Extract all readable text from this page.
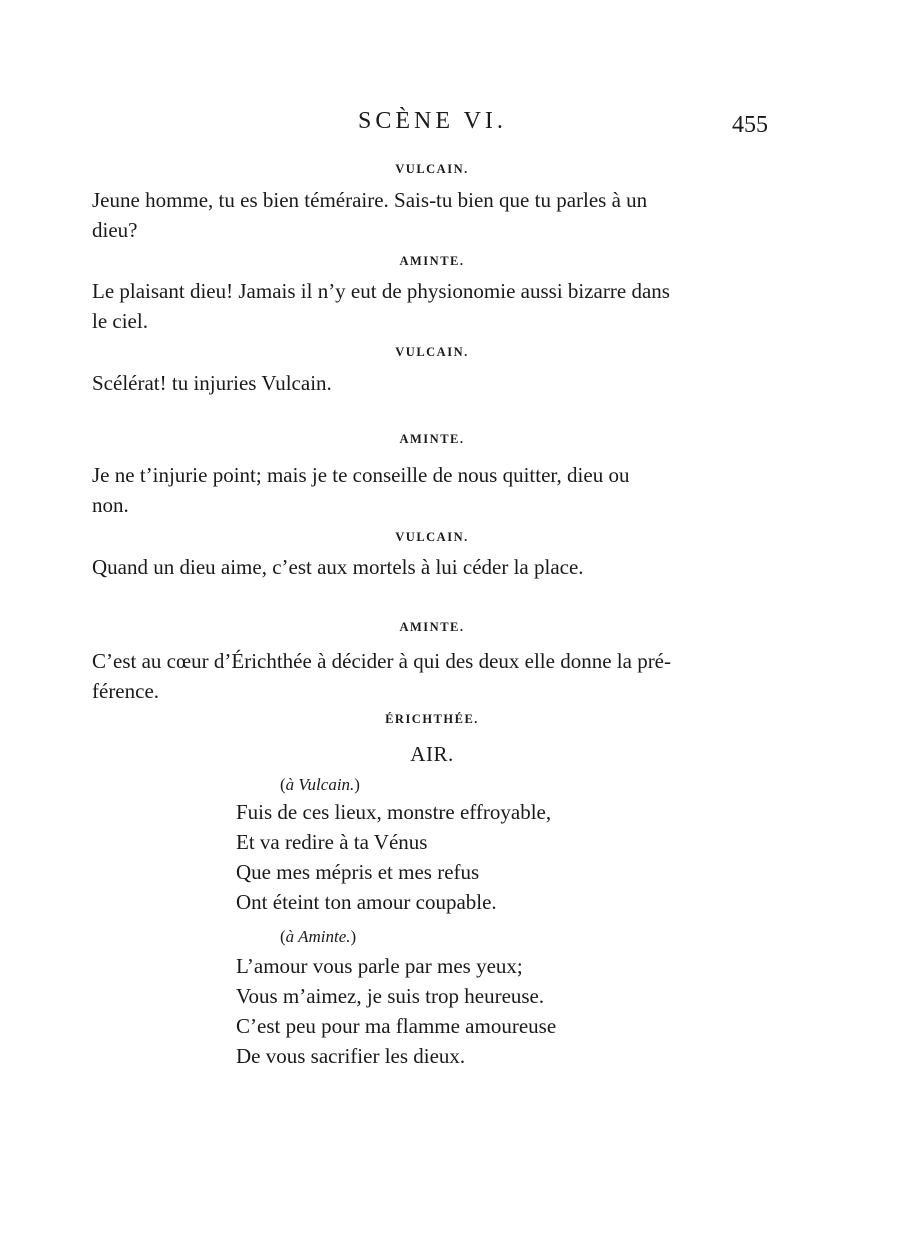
SCÈNE VI.	455
VULCAIN.

Jeune homme, tu es bien téméraire. Sais-tu bien que tu parles à un
dieu?

AMINTE.

Le plaisant dieu! Jamais il n’y eut de physionomie aussi bizarre dans
le ciel.

VULCAIN.

Scélérat! tu injuries Vulcain.

AMINTE.

Je ne t’injurie point; mais je te conseille de nous quitter, dieu ou
non.

VULCAIN.

Quand un dieu aime, c’est aux mortels à lui céder la place.

AMINTE.

C’est au cœur d’Érichthée à décider à qui des deux elle donne la pré-
férence.

ÉRICHTHÉE.
AIR.
(à Vulcain.)
Fuis de ces lieux, monstre effroyable,
Et va redire à ta Vénus
Que mes mépris et mes refus
Ont éteint ton amour coupable.
(à Aminte.)
L’amour vous parle par mes yeux;
Vous m’aimez, je suis trop heureuse.
C’est peu pour ma flamme amoureuse
De vous sacrifier les dieux.
